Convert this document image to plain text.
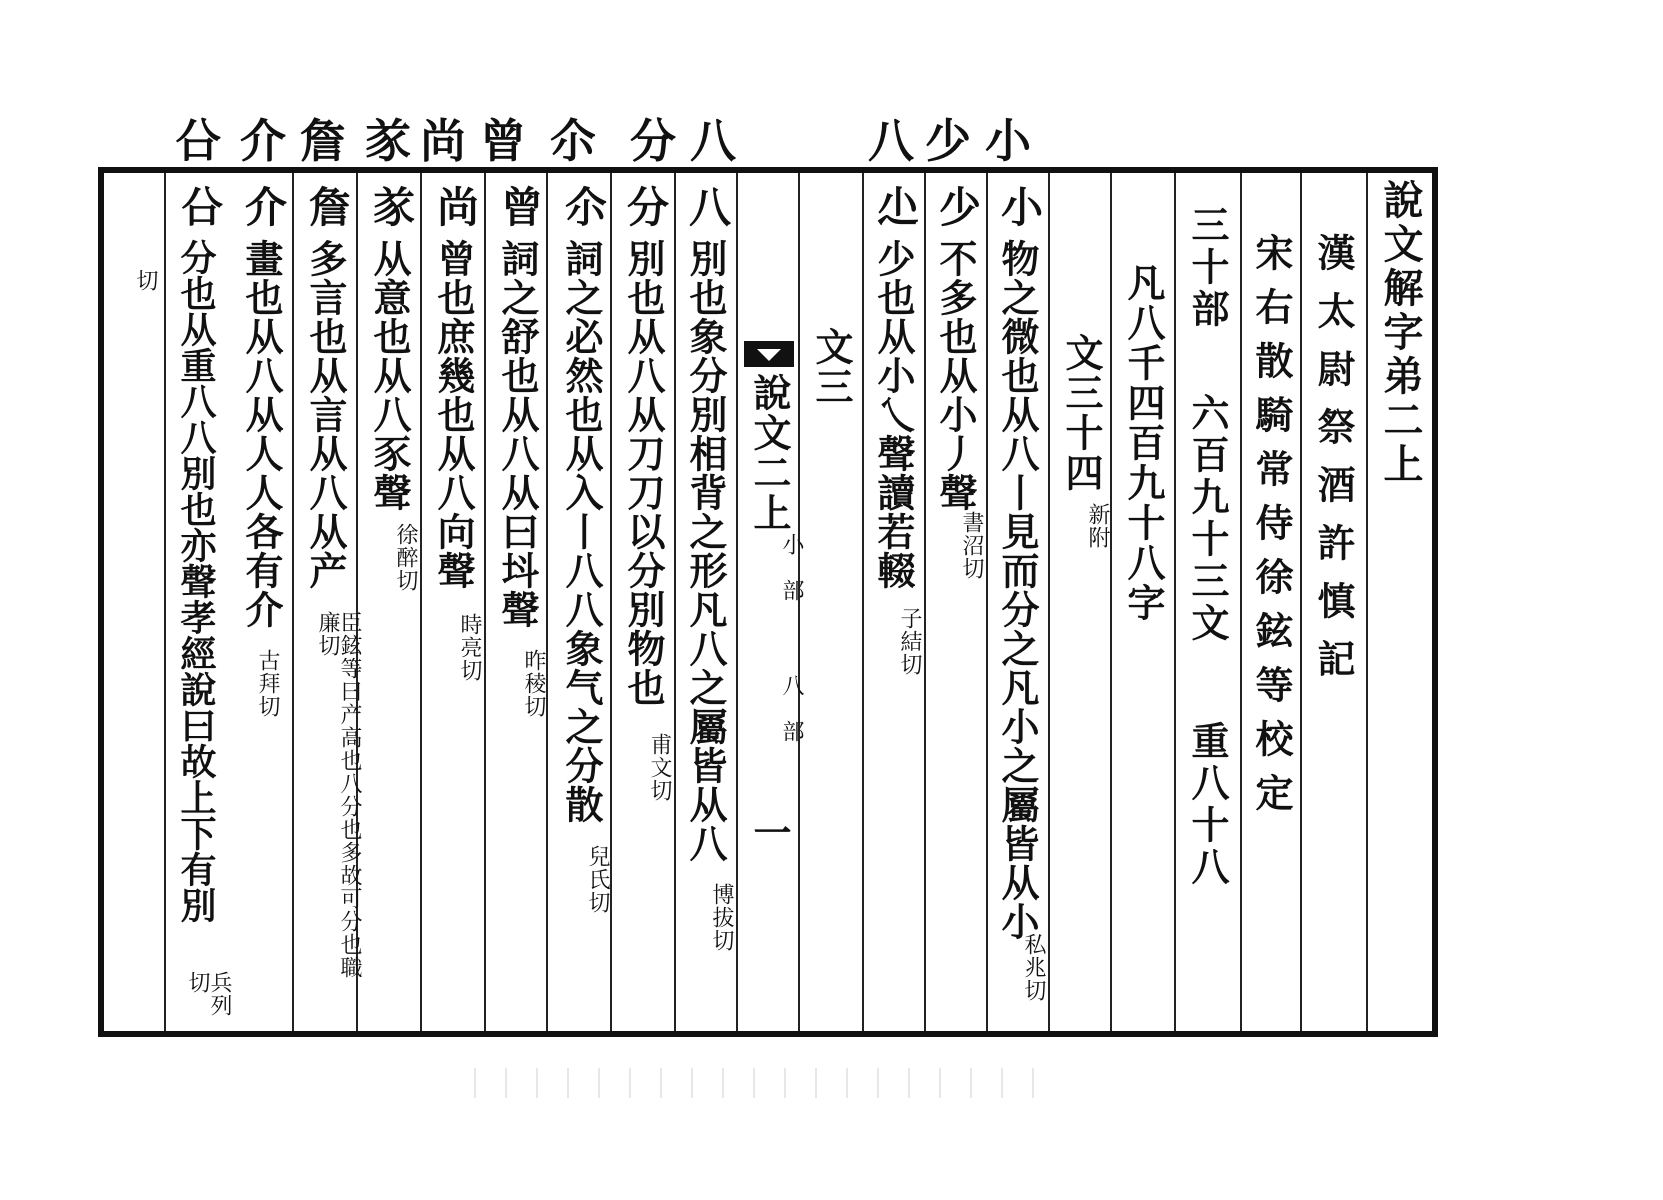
小
少
八
八
分
尒
曾
尚
㒸
詹
介
㕣
說文解字弟二上
漢太尉祭酒許慎記
宋右散騎常侍徐鉉等校定
三十部
六百九十三文
重八十八
凡八千四百九十八字
文三十四
新附
小
物之微也从八丨見而分之凡小之屬皆从小
私兆切
少
不多也从小丿聲
書沼切
尐
少也从小乀聲讀若輟
子結切
文三
說文二上
小部 八部
一
八
別也象分別相背之形凡八之屬皆从八
博拔切
分
別也从八从刀刀以分別物也
甫文切
尒
詞之必然也从入丨八八象气之分散
兒氏切
曾
詞之舒也从八从曰㘰聲
昨稜切
尚
曾也庶幾也从八向聲
時亮切
㒸
从意也从八豕聲
徐醉切
詹
多言也从言从八从产
臣鉉等曰产高也八分也多故可分也職廉切
介
畫也从八从人人各有介
古拜切
㕣
分也从重八八別也亦聲孝經說曰故上下有別
兵列切
切
